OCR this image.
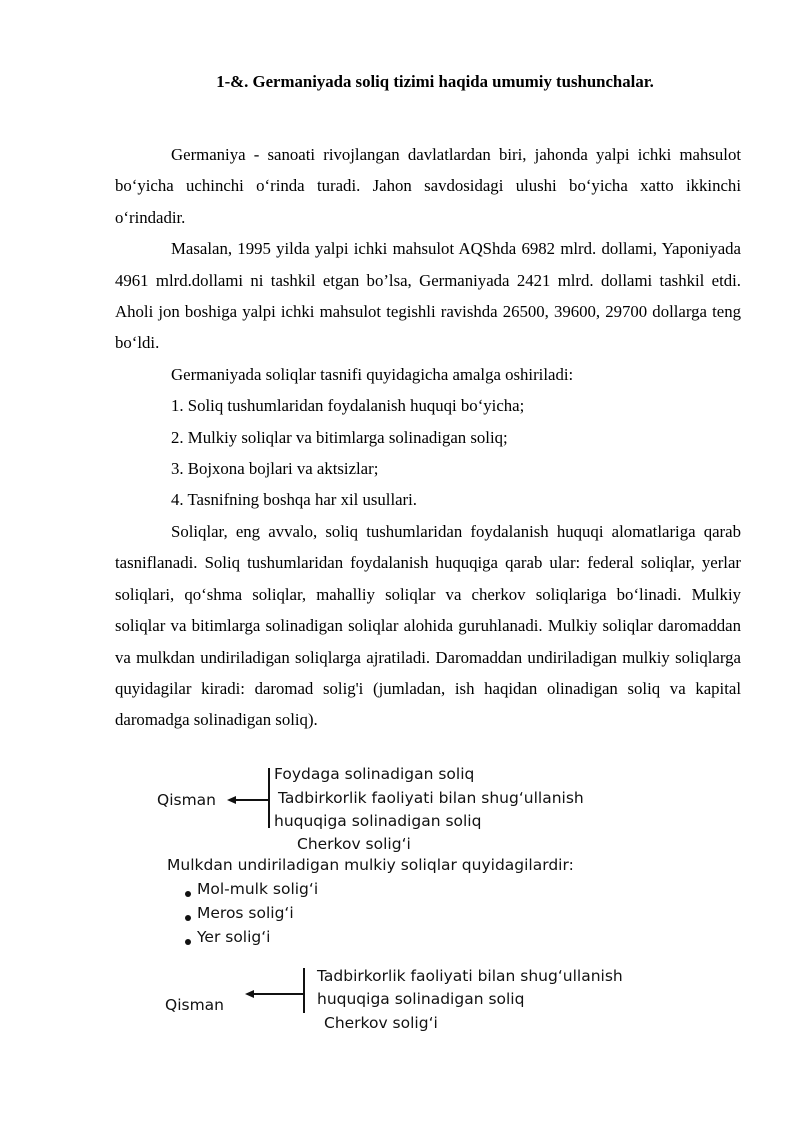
1-&. Germaniyada soliq tizimi haqida umumiy tushunchalar.

Germaniya - sanoati rivojlangan davlatlardan biri, jahonda yalpi ichki mahsulot bo‘yicha uchinchi o‘rinda turadi. Jahon savdosidagi ulushi bo‘yicha xatto ikkinchi o‘rindadir.

Masalan, 1995 yilda yalpi ichki mahsulot AQShda 6982 mlrd. dollami, Yaponiyada 4961 mlrd.dollami ni tashkil etgan bo’lsa, Germaniyada 2421 mlrd. dollami tashkil etdi. Aholi jon boshiga yalpi ichki mahsulot tegishli ravishda 26500, 39600, 29700 dollarga teng bo‘ldi.

Germaniyada soliqlar tasnifi quyidagicha amalga oshiriladi:

1. Soliq tushumlaridan foydalanish huquqi bo‘yicha;

2. Mulkiy soliqlar va bitimlarga solinadigan soliq;

3. Bojxona bojlari va aktsizlar;

4. Tasnifning boshqa har xil usullari.

Soliqlar, eng avvalo, soliq tushumlaridan foydalanish huquqi alomatlariga qarab tasniflanadi. Soliq tushumlaridan foydalanish huquqiga qarab ular: federal soliqlar, yerlar soliqlari, qo‘shma soliqlar, mahalliy soliqlar va cherkov soliqlariga bo‘linadi. Mulkiy soliqlar va bitimlarga solinadigan soliqlar alohida guruhlanadi. Mulkiy soliqlar daromaddan va mulkdan undiriladigan soliqlarga ajratiladi. Daromaddan undiriladigan mulkiy soliqlarga quyidagilar kiradi: daromad solig'i (jumladan, ish haqidan olinadigan soliq va kapital daromadga solinadigan soliq).

Qisman
Foydaga solinadigan soliq
Tadbirkorlik faoliyati bilan shug‘ullanish
huquqiga solinadigan soliq
Cherkov solig‘i
Mulkdan undiriladigan mulkiy soliqlar quyidagilardir:
Mol-mulk solig‘i
Meros solig‘i
Yer solig‘i
Qisman
Tadbirkorlik faoliyati bilan shug‘ullanish
huquqiga solinadigan soliq
Cherkov solig‘i
